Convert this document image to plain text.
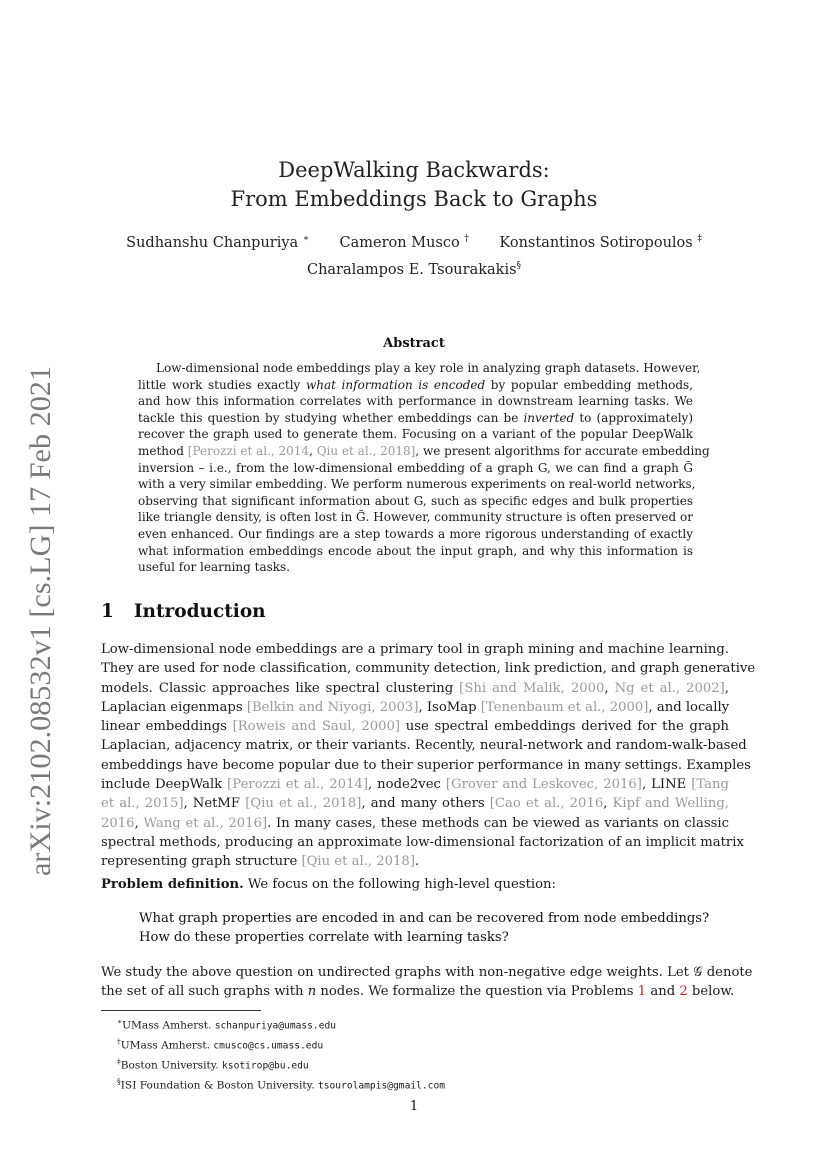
arXiv:2102.08532v1 [cs.LG] 17 Feb 2021
DeepWalking Backwards:
From Embeddings Back to Graphs
Sudhanshu Chanpuriya ∗ Cameron Musco † Konstantinos Sotiropoulos ‡
Charalampos E. Tsourakakis§
Abstract
Low-dimensional node embeddings play a key role in analyzing graph datasets. However,
little work studies exactly what information is encoded by popular embedding methods,
and how this information correlates with performance in downstream learning tasks. We
tackle this question by studying whether embeddings can be inverted to (approximately)
recover the graph used to generate them. Focusing on a variant of the popular DeepWalk
method [Perozzi et al., 2014, Qiu et al., 2018], we present algorithms for accurate embedding
inversion – i.e., from the low-dimensional embedding of a graph G, we can find a graph G̃
with a very similar embedding. We perform numerous experiments on real-world networks,
observing that significant information about G, such as specific edges and bulk properties
like triangle density, is often lost in G̃. However, community structure is often preserved or
even enhanced. Our findings are a step towards a more rigorous understanding of exactly
what information embeddings encode about the input graph, and why this information is
useful for learning tasks.
1 Introduction
Low-dimensional node embeddings are a primary tool in graph mining and machine learning.
They are used for node classification, community detection, link prediction, and graph generative
models. Classic approaches like spectral clustering [Shi and Malik, 2000, Ng et al., 2002],
Laplacian eigenmaps [Belkin and Niyogi, 2003], IsoMap [Tenenbaum et al., 2000], and locally
linear embeddings [Roweis and Saul, 2000] use spectral embeddings derived for the graph
Laplacian, adjacency matrix, or their variants. Recently, neural-network and random-walk-based
embeddings have become popular due to their superior performance in many settings. Examples
include DeepWalk [Perozzi et al., 2014], node2vec [Grover and Leskovec, 2016], LINE [Tang
et al., 2015], NetMF [Qiu et al., 2018], and many others [Cao et al., 2016, Kipf and Welling,
2016, Wang et al., 2016]. In many cases, these methods can be viewed as variants on classic
spectral methods, producing an approximate low-dimensional factorization of an implicit matrix
representing graph structure [Qiu et al., 2018].
Problem definition. We focus on the following high-level question:
What graph properties are encoded in and can be recovered from node embeddings?
How do these properties correlate with learning tasks?
We study the above question on undirected graphs with non-negative edge weights. Let 𝒢 denote
the set of all such graphs with n nodes. We formalize the question via Problems 1 and 2 below.
∗UMass Amherst. schanpuriya@umass.edu
†UMass Amherst. cmusco@cs.umass.edu
‡Boston University. ksotirop@bu.edu
§ISI Foundation & Boston University. tsourolampis@gmail.com
1
